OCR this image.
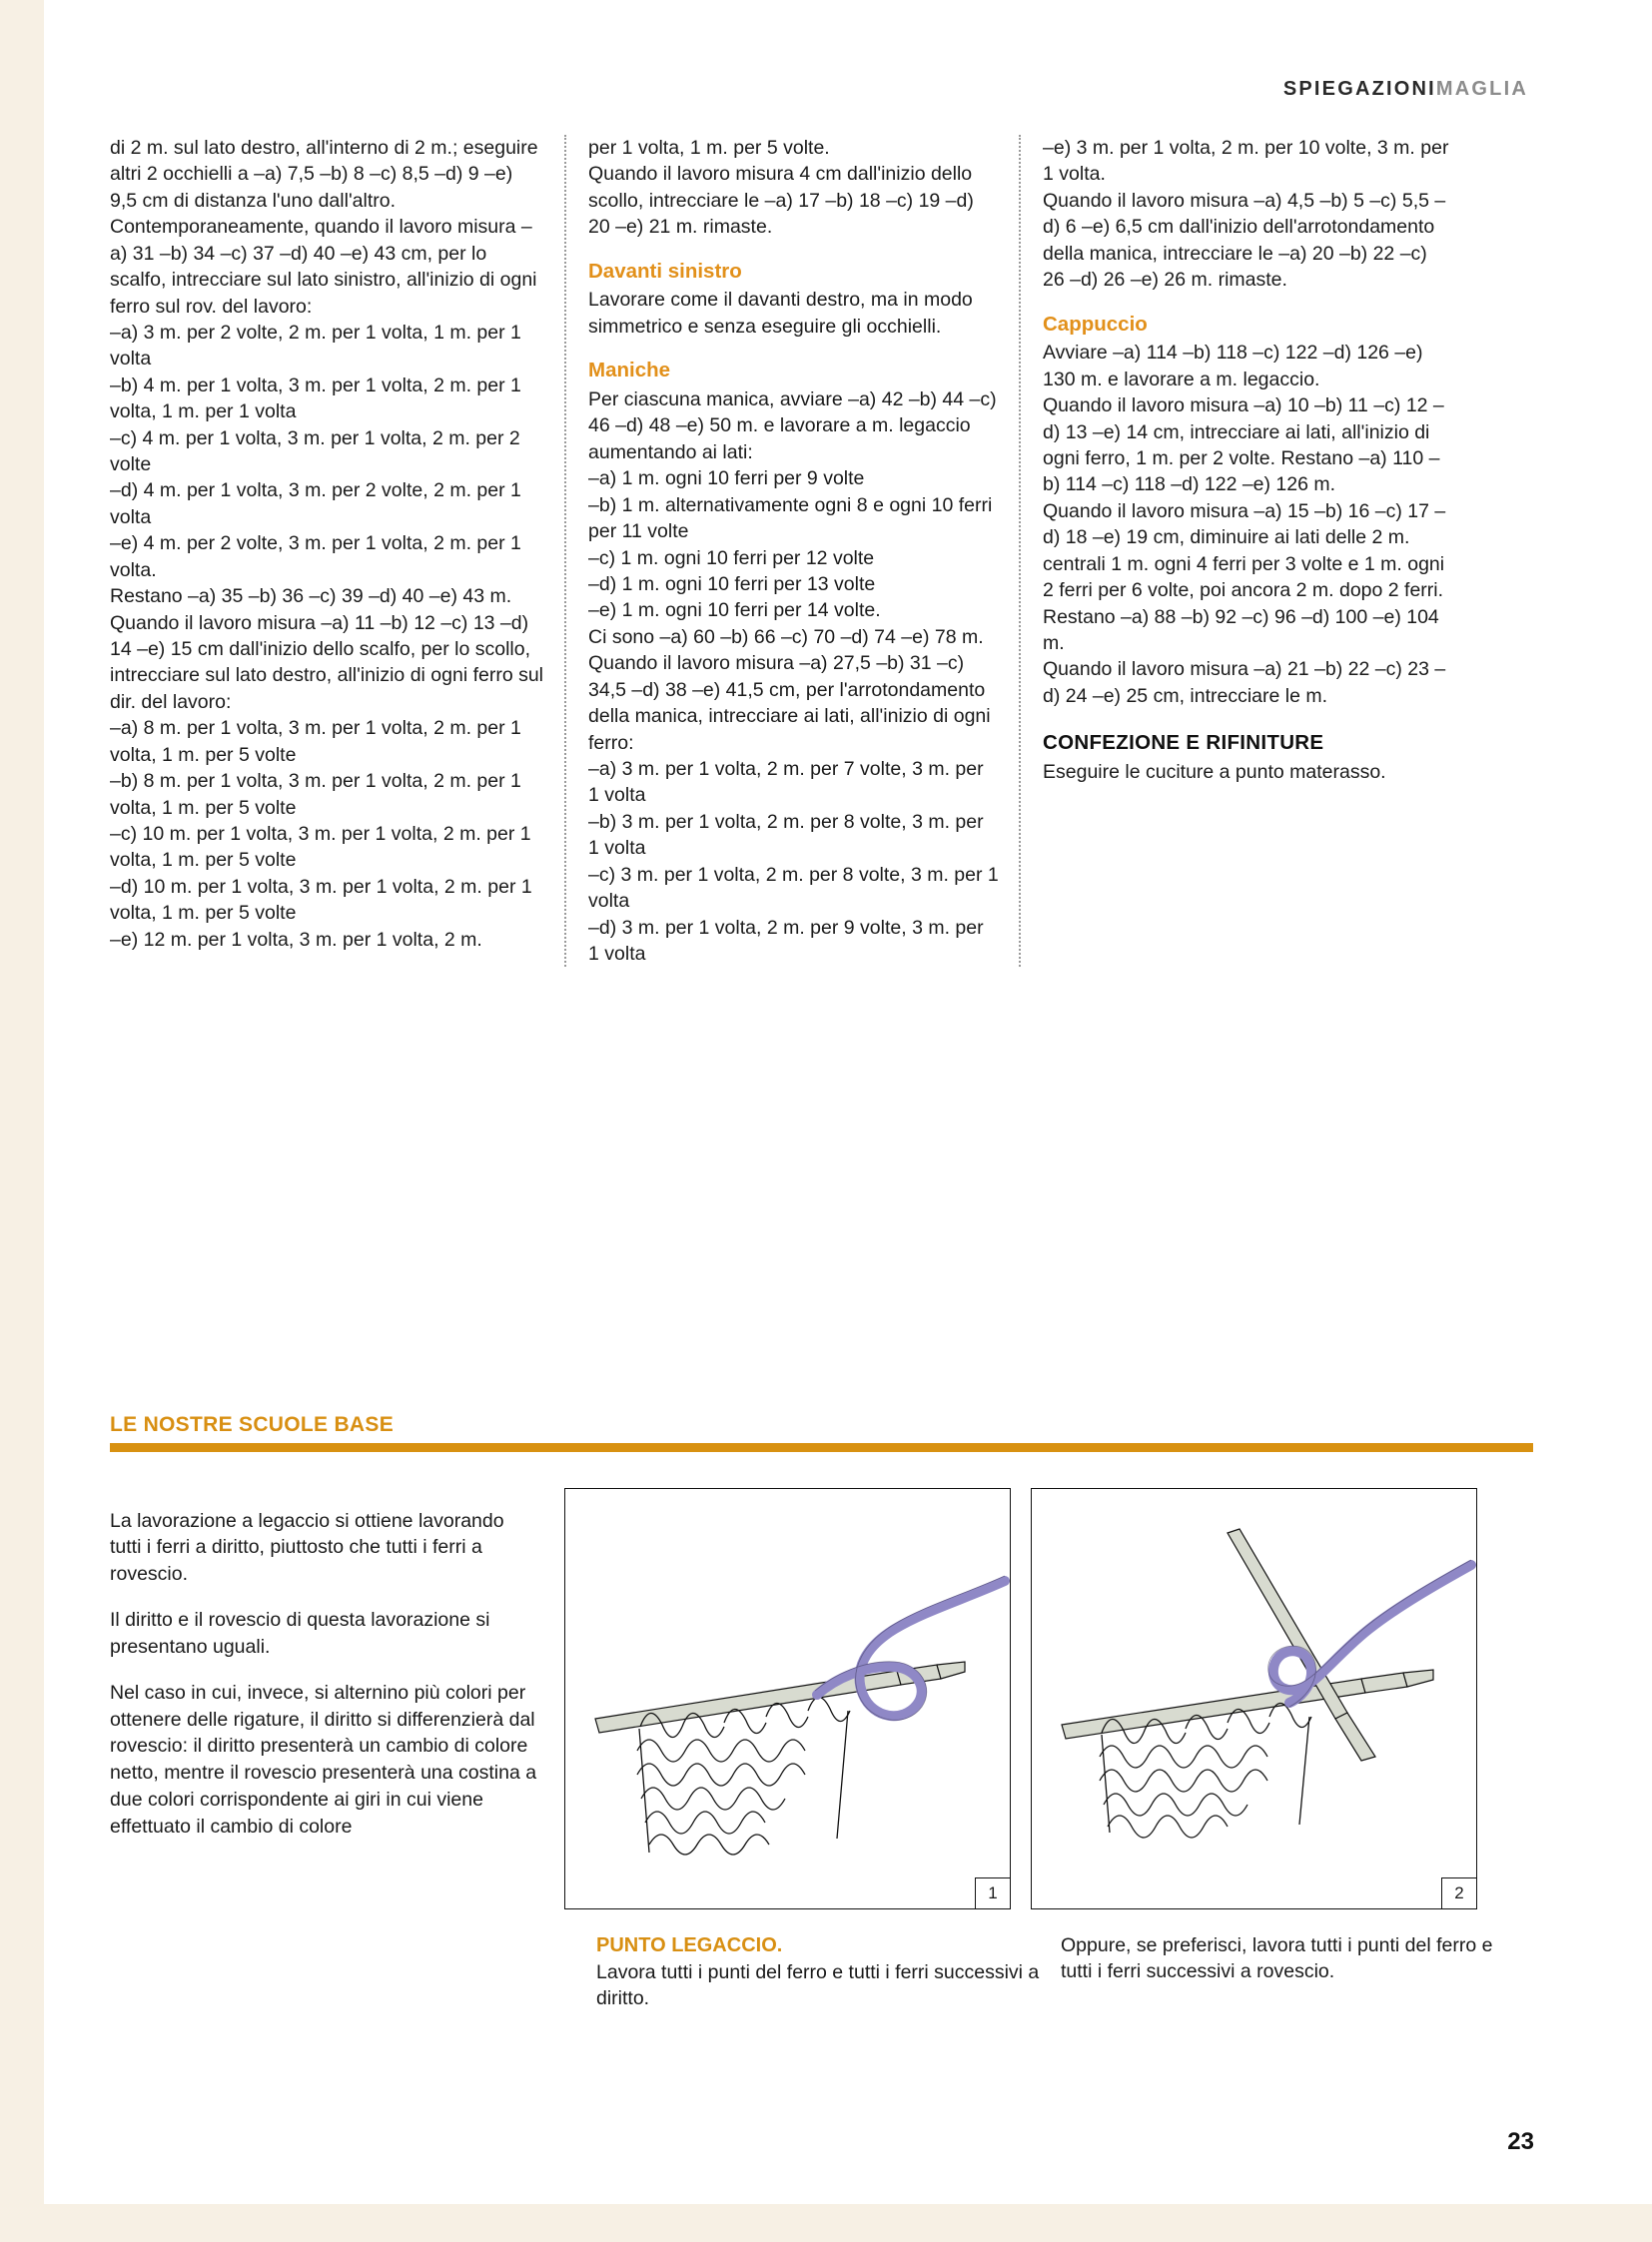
SPIEGAZIONIMAGLIA

di 2 m. sul lato destro, all'interno di 2 m.; eseguire altri 2 occhielli a –a) 7,5 –b) 8 –c) 8,5 –d) 9 –e) 9,5 cm di distanza l'uno dall'altro.

Contemporaneamente, quando il lavoro misura –a) 31 –b) 34 –c) 37 –d) 40 –e) 43 cm, per lo scalfo, intrecciare sul lato sinistro, all'inizio di ogni ferro sul rov. del lavoro:

–a) 3 m. per 2 volte, 2 m. per 1 volta, 1 m. per 1 volta

–b) 4 m. per 1 volta, 3 m. per 1 volta, 2 m. per 1 volta, 1 m. per 1 volta

–c) 4 m. per 1 volta, 3 m. per 1 volta, 2 m. per 2 volte

–d) 4 m. per 1 volta, 3 m. per 2 volte, 2 m. per 1 volta

–e) 4 m. per 2 volte, 3 m. per 1 volta, 2 m. per 1 volta.

Restano –a) 35 –b) 36 –c) 39 –d) 40 –e) 43 m.

Quando il lavoro misura –a) 11 –b) 12 –c) 13 –d) 14 –e) 15 cm dall'inizio dello scalfo, per lo scollo, intrecciare sul lato destro, all'inizio di ogni ferro sul dir. del lavoro:

–a) 8 m. per 1 volta, 3 m. per 1 volta, 2 m. per 1 volta, 1 m. per 5 volte

–b) 8 m. per 1 volta, 3 m. per 1 volta, 2 m. per 1 volta, 1 m. per 5 volte

–c) 10 m. per 1 volta, 3 m. per 1 volta, 2 m. per 1 volta, 1 m. per 5 volte

–d) 10 m. per 1 volta, 3 m. per 1 volta, 2 m. per 1 volta, 1 m. per 5 volte

–e) 12 m. per 1 volta, 3 m. per 1 volta, 2 m.

per 1 volta, 1 m. per 5 volte.

Quando il lavoro misura 4 cm dall'inizio dello scollo, intrecciare le –a) 17 –b) 18 –c) 19 –d) 20 –e) 21 m. rimaste.

Davanti sinistro

Lavorare come il davanti destro, ma in modo simmetrico e senza eseguire gli occhielli.

Maniche

Per ciascuna manica, avviare –a) 42 –b) 44 –c) 46 –d) 48 –e) 50 m. e lavorare a m. legaccio aumentando ai lati:

–a) 1 m. ogni 10 ferri per 9 volte

–b) 1 m. alternativamente ogni 8 e ogni 10 ferri per 11 volte

–c) 1 m. ogni 10 ferri per 12 volte

–d) 1 m. ogni 10 ferri per 13 volte

–e) 1 m. ogni 10 ferri per 14 volte.

Ci sono –a) 60 –b) 66 –c) 70 –d) 74 –e) 78 m.

Quando il lavoro misura –a) 27,5 –b) 31 –c) 34,5 –d) 38 –e) 41,5 cm, per l'arrotondamento della manica, intrecciare ai lati, all'inizio di ogni ferro:

–a) 3 m. per 1 volta, 2 m. per 7 volte, 3 m. per 1 volta

–b) 3 m. per 1 volta, 2 m. per 8 volte, 3 m. per 1 volta

–c) 3 m. per 1 volta, 2 m. per 8 volte, 3 m. per 1 volta

–d) 3 m. per 1 volta, 2 m. per 9 volte, 3 m. per 1 volta

–e) 3 m. per 1 volta, 2 m. per 10 volte, 3 m. per 1 volta.

Quando il lavoro misura –a) 4,5 –b) 5 –c) 5,5 –d) 6 –e) 6,5 cm dall'inizio dell'arrotondamento della manica, intrecciare le –a) 20 –b) 22 –c) 26 –d) 26 –e) 26 m. rimaste.

Cappuccio

Avviare –a) 114 –b) 118 –c) 122 –d) 126 –e) 130 m. e lavorare a m. legaccio.

Quando il lavoro misura –a) 10 –b) 11 –c) 12 –d) 13 –e) 14 cm, intrecciare ai lati, all'inizio di ogni ferro, 1 m. per 2 volte. Restano –a) 110 –b) 114 –c) 118 –d) 122 –e) 126 m.

Quando il lavoro misura –a) 15 –b) 16 –c) 17 –d) 18 –e) 19 cm, diminuire ai lati delle 2 m. centrali 1 m. ogni 4 ferri per 3 volte e 1 m. ogni 2 ferri per 6 volte, poi ancora 2 m. dopo 2 ferri. Restano –a) 88 –b) 92 –c) 96 –d) 100 –e) 104 m.

Quando il lavoro misura –a) 21 –b) 22 –c) 23 –d) 24 –e) 25 cm, intrecciare le m.

CONFEZIONE E RIFINITURE

Eseguire le cuciture a punto materasso.

LE NOSTRE SCUOLE BASE

La lavorazione a legaccio si ottiene lavorando tutti i ferri a diritto, piuttosto che tutti i ferri a rovescio.

Il diritto e il rovescio di questa lavorazione si presentano uguali.

Nel caso in cui, invece, si alternino più colori per ottenere delle rigature, il diritto si differenzierà dal rovescio: il diritto presenterà un cambio di colore netto, mentre il rovescio presenterà una costina a due colori corrispondente ai giri in cui viene effettuato il cambio di colore

1	2
PUNTO LEGACCIO.
Lavora tutti i punti del ferro e tutti i ferri successivi a diritto.
Oppure, se preferisci, lavora tutti i punti del ferro e tutti i ferri successivi a rovescio.
23
